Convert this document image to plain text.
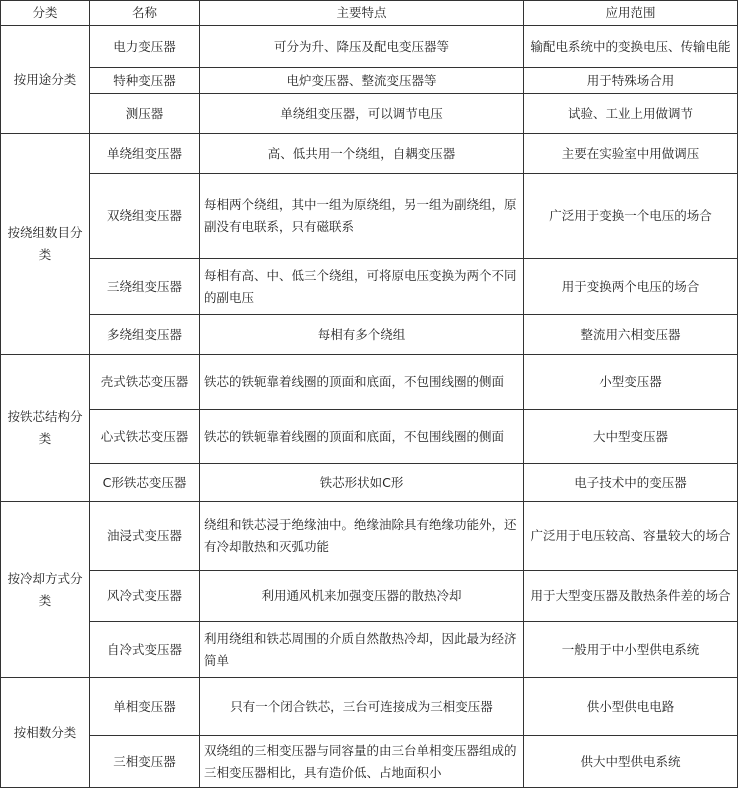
分类	名称	主要特点	应用范围
按用途分类	电力变压器	可分为升、降压及配电变压器等	输配电系统中的变换电压、传输电能
	特种变压器	电炉变压器、整流变压器等	用于特殊场合用
	测压器	单绕组变压器，可以调节电压	试验、工业上用做调节
按绕组数目分类	单绕组变压器	高、低共用一个绕组，自耦变压器	主要在实验室中用做调压
	双绕组变压器	每相两个绕组，其中一组为原绕组，另一组为副绕组，原副没有电联系，只有磁联系	广泛用于变换一个电压的场合
	三绕组变压器	每相有高、中、低三个绕组，可将原电压变换为两个不同的副电压	用于变换两个电压的场合
	多绕组变压器	每相有多个绕组	整流用六相变压器
按铁芯结构分类	壳式铁芯变压器	铁芯的铁轭靠着线圈的顶面和底面，不包围线圈的侧面	小型变压器
	心式铁芯变压器	铁芯的铁轭靠着线圈的顶面和底面，不包围线圈的侧面	大中型变压器
	C形铁芯变压器	铁芯形状如C形	电子技术中的变压器
按冷却方式分类	油浸式变压器	绕组和铁芯浸于绝缘油中。绝缘油除具有绝缘功能外，还有冷却散热和灭弧功能	广泛用于电压较高、容量较大的场合
	风冷式变压器	利用通风机来加强变压器的散热冷却	用于大型变压器及散热条件差的场合
	自冷式变压器	利用绕组和铁芯周围的介质自然散热冷却，因此最为经济简单	一般用于中小型供电系统
按相数分类	单相变压器	只有一个闭合铁芯，三台可连接成为三相变压器	供小型供电电路
	三相变压器	双绕组的三相变压器与同容量的由三台单相变压器组成的三相变压器相比，具有造价低、占地面积小	供大中型供电系统
